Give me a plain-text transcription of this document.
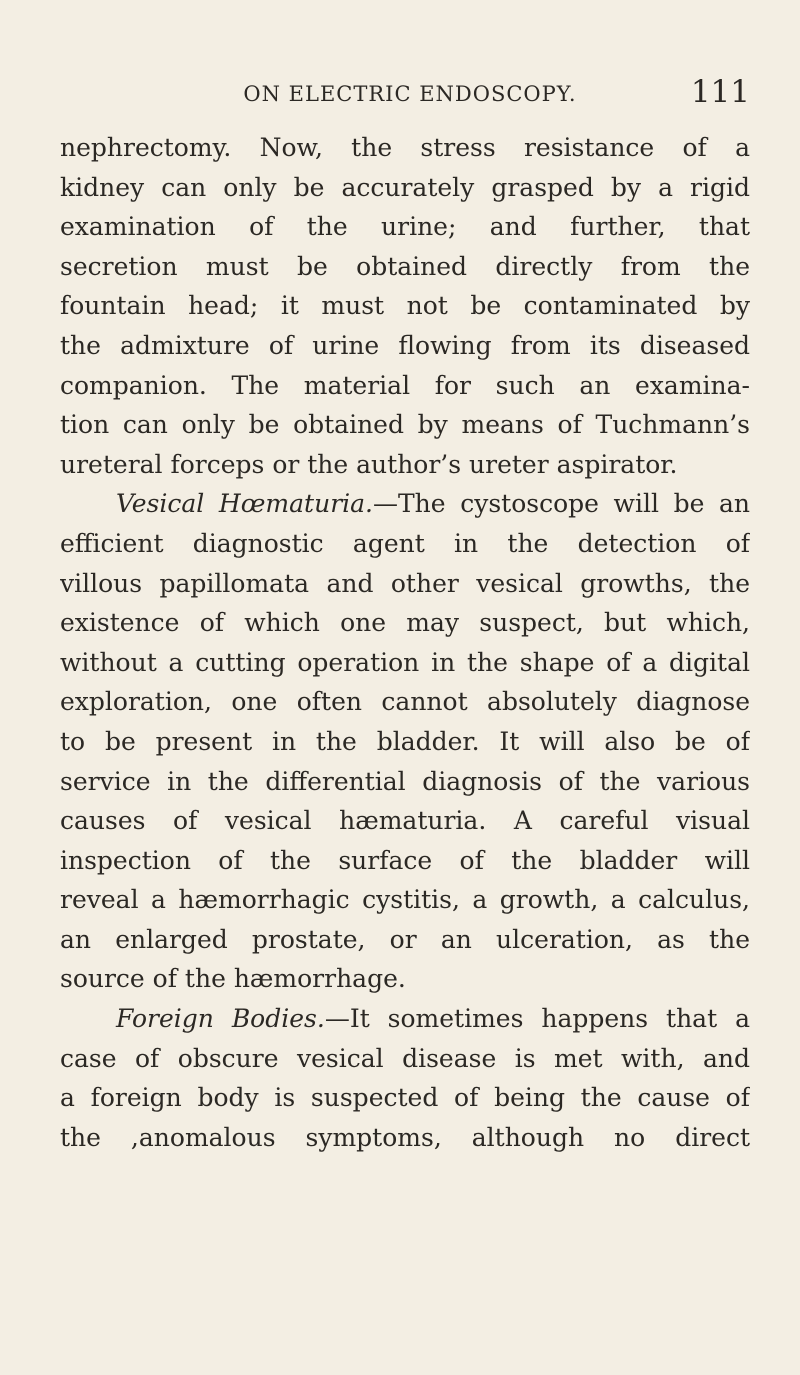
ON ELECTRIC ENDOSCOPY.	111
nephrectomy. Now, the stress resistance of a
kidney can only be accurately grasped by a rigid
examination of the urine; and further, that
secretion must be obtained directly from the
fountain head; it must not be contaminated by
the admixture of urine flowing from its diseased
companion. The material for such an examina-
tion can only be obtained by means of Tuchmann’s
ureteral forceps or the author’s ureter aspirator.
Vesical Hœmaturia.—The cystoscope will be an
efficient diagnostic agent in the detection of
villous papillomata and other vesical growths, the
existence of which one may suspect, but which,
without a cutting operation in the shape of a digital
exploration, one often cannot absolutely diagnose
to be present in the bladder. It will also be of
service in the differential diagnosis of the various
causes of vesical hæmaturia. A careful visual
inspection of the surface of the bladder will
reveal a hæmorrhagic cystitis, a growth, a calculus,
an enlarged prostate, or an ulceration, as the
source of the hæmorrhage.
Foreign Bodies.—It sometimes happens that a
case of obscure vesical disease is met with, and
a foreign body is suspected of being the cause of
the ,anomalous symptoms, although no direct
